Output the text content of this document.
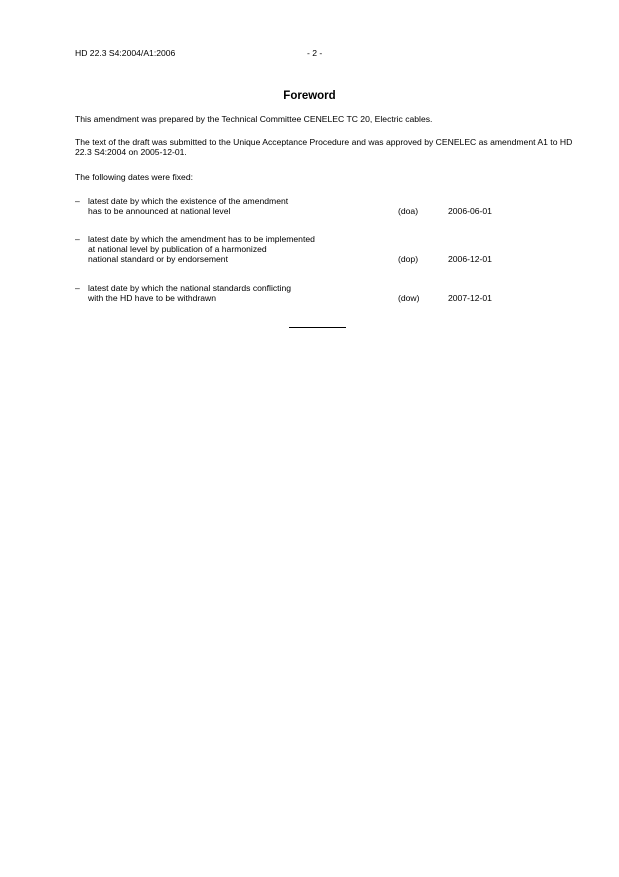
HD 22.3 S4:2004/A1:2006	- 2 -
Foreword

This amendment was prepared by the Technical Committee CENELEC TC 20, Electric cables.

The text of the draft was submitted to the Unique Acceptance Procedure and was approved by CENELEC as amendment A1 to HD 22.3 S4:2004 on 2005-12-01.

The following dates were fixed:

– latest date by which the existence of the amendment
has to be announced at national level	(doa)	2006-06-01
– latest date by which the amendment has to be implemented
at national level by publication of a harmonized
national standard or by endorsement	(dop)	2006-12-01
– latest date by which the national standards conflicting
with the HD have to be withdrawn	(dow)	2007-12-01
